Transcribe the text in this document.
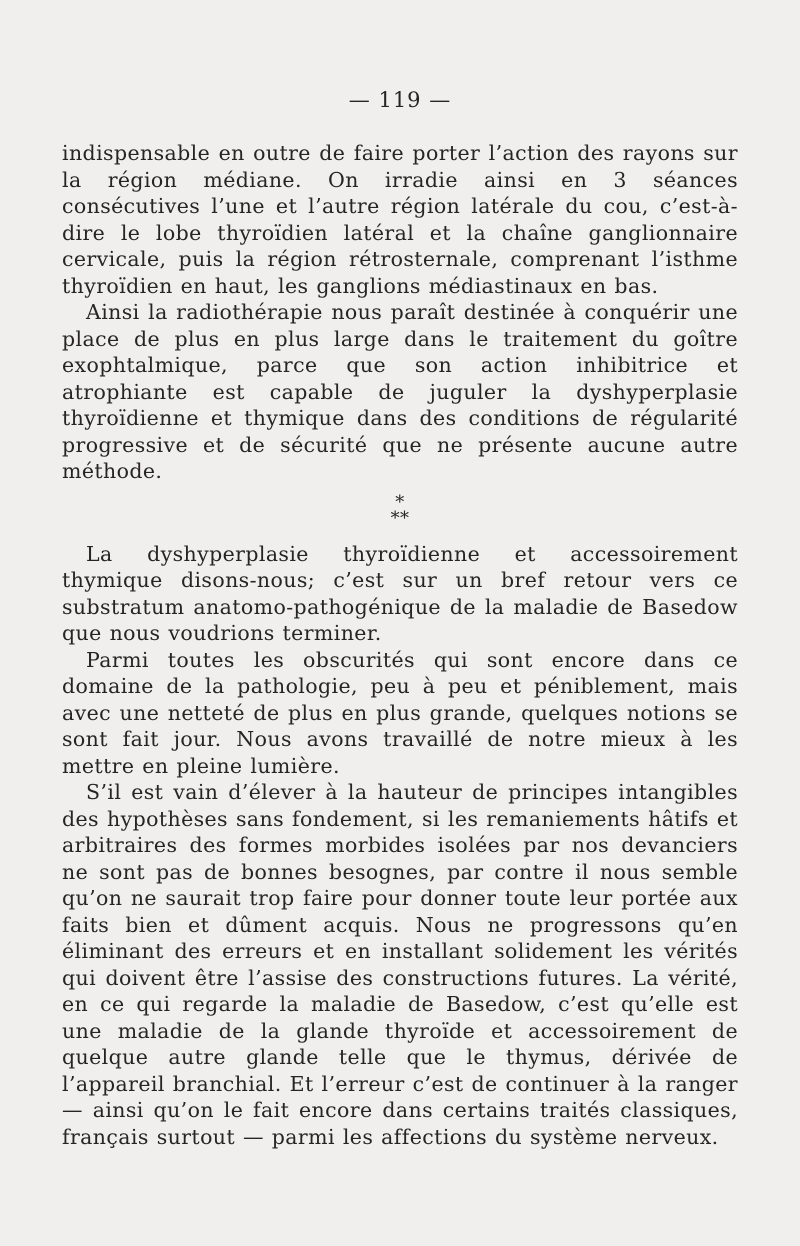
— 119 —

indispensable en outre de faire porter l’action des rayons sur la région médiane. On irradie ainsi en 3 séances consécutives l’une et l’autre région latérale du cou, c’est-à-dire le lobe thyroïdien latéral et la chaîne ganglionnaire cervicale, puis la région rétrosternale, comprenant l’isthme thyroïdien en haut, les ganglions médiastinaux en bas.

Ainsi la radiothérapie nous paraît destinée à conquérir une place de plus en plus large dans le traitement du goître exophtalmique, parce que son action inhibitrice et atrophiante est capable de juguler la dyshyperplasie thyroïdienne et thymique dans des conditions de régularité progressive et de sécurité que ne présente aucune autre méthode.

*
**

La dyshyperplasie thyroïdienne et accessoirement thymique disons-nous; c’est sur un bref retour vers ce substratum anatomo-pathogénique de la maladie de Basedow que nous voudrions terminer.

Parmi toutes les obscurités qui sont encore dans ce domaine de la pathologie, peu à peu et péniblement, mais avec une netteté de plus en plus grande, quelques notions se sont fait jour. Nous avons travaillé de notre mieux à les mettre en pleine lumière.

S’il est vain d’élever à la hauteur de principes intangibles des hypothèses sans fondement, si les remaniements hâtifs et arbitraires des formes morbides isolées par nos devanciers ne sont pas de bonnes besognes, par contre il nous semble qu’on ne saurait trop faire pour donner toute leur portée aux faits bien et dûment acquis. Nous ne progressons qu’en éliminant des erreurs et en installant solidement les vérités qui doivent être l’assise des constructions futures. La vérité, en ce qui regarde la maladie de Basedow, c’est qu’elle est une maladie de la glande thyroïde et accessoirement de quelque autre glande telle que le thymus, dérivée de l’appareil branchial. Et l’erreur c’est de continuer à la ranger — ainsi qu’on le fait encore dans certains traités classiques, français surtout — parmi les affections du système nerveux.
